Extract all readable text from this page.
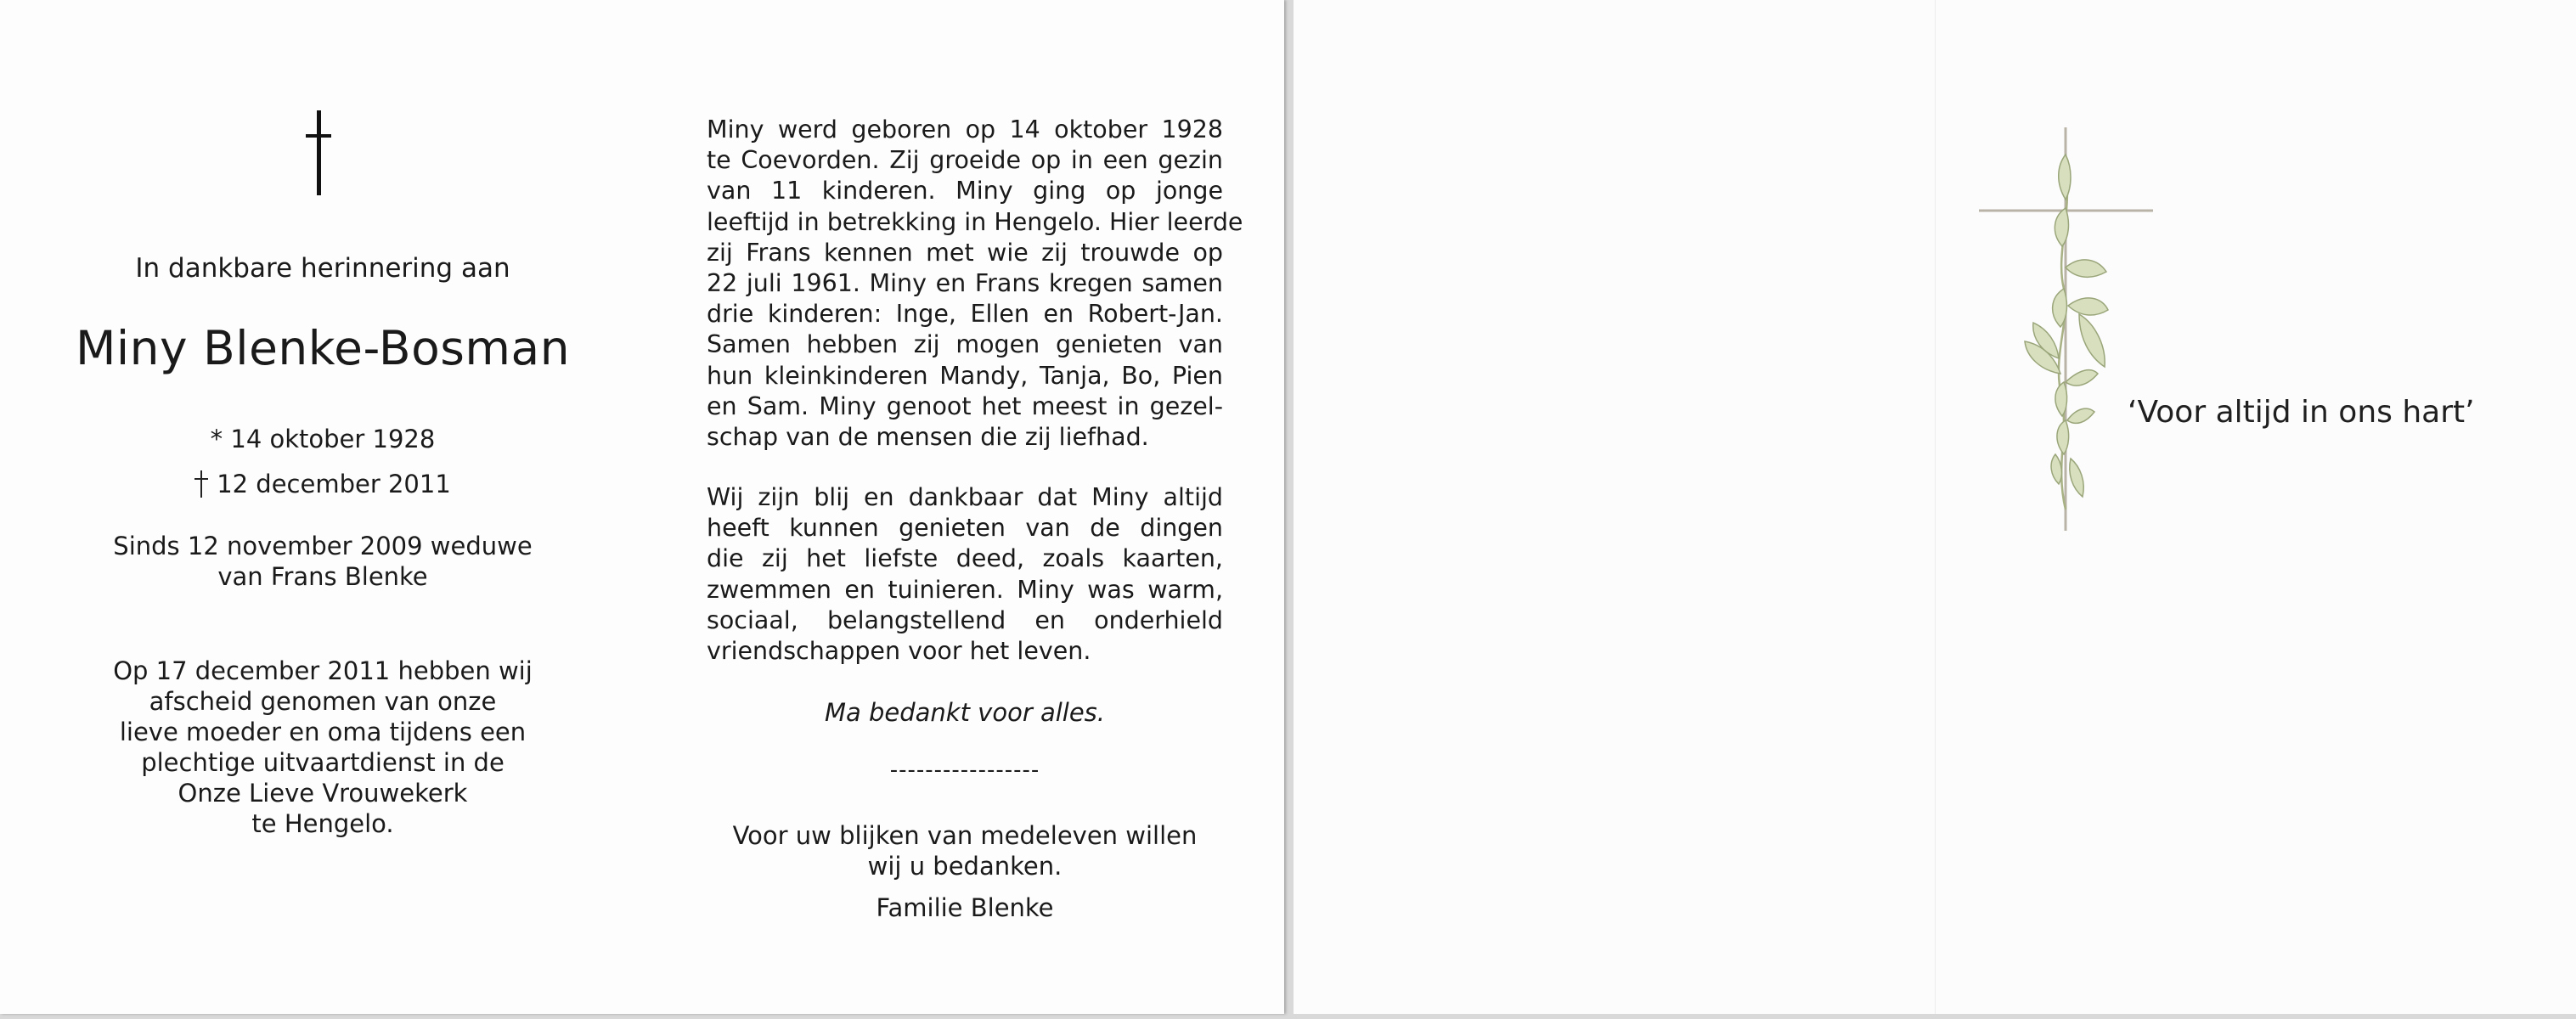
In dankbare herinnering aan
Miny Blenke-Bosman
* 14 oktober 1928
12 december 2011
Sinds 12 november 2009 weduwe
van Frans Blenke
Op 17 december 2011 hebben wij
afscheid genomen van onze
lieve moeder en oma tijdens een
plechtige uitvaartdienst in de
Onze Lieve Vrouwekerk
te Hengelo.
Miny werd geboren op 14 oktober 1928
te Coevorden. Zij groeide op in een gezin
van 11 kinderen. Miny ging op jonge
leeftijd in betrekking in Hengelo. Hier leerde
zij Frans kennen met wie zij trouwde op
22 juli 1961. Miny en Frans kregen samen
drie kinderen: Inge, Ellen en Robert-Jan.
Samen hebben zij mogen genieten van
hun kleinkinderen Mandy, Tanja, Bo, Pien
en Sam. Miny genoot het meest in gezel-
schap van de mensen die zij liefhad.
Wij zijn blij en dankbaar dat Miny altijd
heeft kunnen genieten van de dingen
die zij het liefste deed, zoals kaarten,
zwemmen en tuinieren. Miny was warm,
sociaal, belangstellend en onderhield
vriendschappen voor het leven.
Ma bedankt voor alles.
-----------------
Voor uw blijken van medeleven willen
wij u bedanken.
Familie Blenke
‘Voor altijd in ons hart’
